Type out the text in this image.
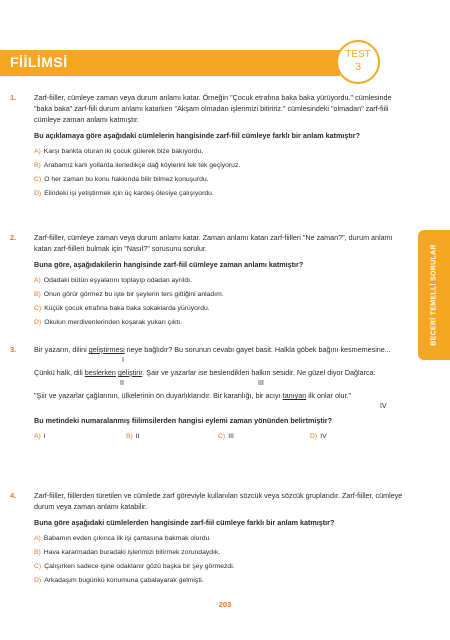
FİİLİMSİ	TEST
3
BECERİ TEMELLİ SORULAR
1. Zarf-fiiller, cümleye zaman veya durum anlamı katar. Örneğin "Çocuk etrafına baka baka yürüyordu." cümlesinde "baka baka" zarf-fiili durum anlamı katarken "Akşam olmadan işlerimizi bitiririz." cümlesindeki "olmadan" zarf-fiili cümleye zaman anlamı katmıştır.

Bu açıklamaya göre aşağıdaki cümlelerin hangisinde zarf-fiil cümleye farklı bir anlam katmıştır?

A) Karşı bankta oturan iki çocuk gülerek bize bakıyordu.
B) Arabamız karlı yollarda ilerledikçe dağ köylerini tek tek geçiyoruz.
C) O her zaman bu konu hakkında bilir bilmez konuşurdu.
D) Elindeki işi yetiştirmek için üç kardeş ölesiye çalışıyordu.
2. Zarf-fiiller, cümleye zaman veya durum anlamı katar. Zaman anlamı katan zarf-fiilleri "Ne zaman?", durum anlamı katan zarf-fiilleri bulmak için "Nasıl?" sorusunu sorulur.

Buna göre, aşağıdakilerin hangisinde zarf-fiil cümleye zaman anlamı katmıştır?

A) Odadaki bütün eşyalarını toplayıp odadan ayrıldı.
B) Onun görür görmez bu işte bir şeylerin ters gittiğini anladım.
C) Küçük çocuk etrafına baka baka sokaklarda yürüyordu.
D) Okulun merdivenlerinden koşarak yukarı çıktı.
3. Bir yazarın, dilini geliştirmesi neye bağlıdır? Bu sorunun cevabı gayet basit: Halkla göbek bağını kesmemesine...
I
Çünkü halk, dili beslerken geliştirir. Şair ve yazarlar ise beslendikleri halkın sesidir. Ne güzel diyor Dağlarca:
II	III
"Şiir ve yazarlar çağlarının, ülkelerinin ön duyarlıklarıdır. Bir karanlığı, bir acıyı tanıyan ilk onlar olur."
IV

Bu metindeki numaralanmış fiilimsilerden hangisi eylemi zaman yönünden belirtmiştir?

A) I	B) II	C) III	D) IV
4. Zarf-fiiller, fiillerden türetilen ve cümlede zarf göreviyle kullanılan sözcük veya sözcük gruplarıdır. Zarf-fiiller, cümleye durum veya zaman anlamı katabilir.

Buna göre aşağıdaki cümlelerden hangisinde zarf-fiil cümleye farklı bir anlam katmıştır?

A) Babamın evden çıkınca ilk işi çantasına bakmak olurdu.
B) Hava kararmadan buradaki işlerimizi bitirmek zorundaydık.
C) Çalışırken sadece işine odaklanır gözü başka bir şey görmezdi.
D) Arkadaşım bugünkü konumuna çabalayarak gelmişti.
203
